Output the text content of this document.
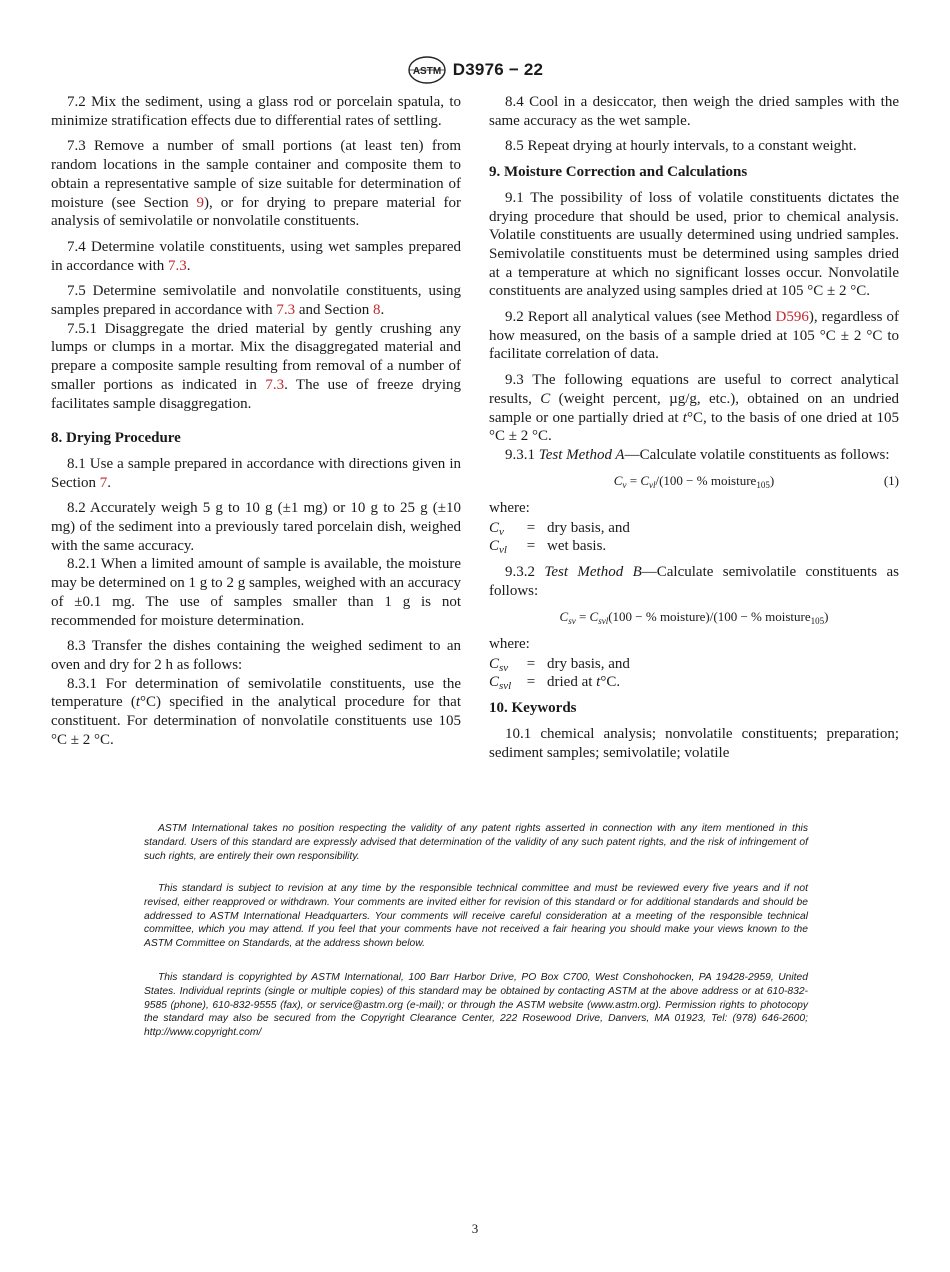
ASTM D3976 − 22

7.2 Mix the sediment, using a glass rod or porcelain spatula, to minimize stratification effects due to differential rates of settling.

7.3 Remove a number of small portions (at least ten) from random locations in the sample container and composite them to obtain a representative sample of size suitable for determination of moisture (see Section 9), or for drying to prepare material for analysis of semivolatile or nonvolatile constituents.

7.4 Determine volatile constituents, using wet samples prepared in accordance with 7.3.

7.5 Determine semivolatile and nonvolatile constituents, using samples prepared in accordance with 7.3 and Section 8.

7.5.1 Disaggregate the dried material by gently crushing any lumps or clumps in a mortar. Mix the disaggregated material and prepare a composite sample resulting from removal of a number of smaller portions as indicated in 7.3. The use of freeze drying facilitates sample disaggregation.

8. Drying Procedure

8.1 Use a sample prepared in accordance with directions given in Section 7.

8.2 Accurately weigh 5 g to 10 g (±1 mg) or 10 g to 25 g (±10 mg) of the sediment into a previously tared porcelain dish, weighed with the same accuracy.

8.2.1 When a limited amount of sample is available, the moisture may be determined on 1 g to 2 g samples, weighed with an accuracy of ±0.1 mg. The use of samples smaller than 1 g is not recommended for moisture determination.

8.3 Transfer the dishes containing the weighed sediment to an oven and dry for 2 h as follows:

8.3.1 For determination of semivolatile constituents, use the temperature (t°C) specified in the analytical procedure for that constituent. For determination of nonvolatile constituents use 105 °C ± 2 °C.

8.4 Cool in a desiccator, then weigh the dried samples with the same accuracy as the wet sample.

8.5 Repeat drying at hourly intervals, to a constant weight.

9. Moisture Correction and Calculations

9.1 The possibility of loss of volatile constituents dictates the drying procedure that should be used, prior to chemical analysis. Volatile constituents are usually determined using undried samples. Semivolatile constituents must be determined using samples dried at a temperature at which no significant losses occur. Nonvolatile constituents are analyzed using samples dried at 105 °C ± 2 °C.

9.2 Report all analytical values (see Method D596), regardless of how measured, on the basis of a sample dried at 105 °C ± 2 °C to facilitate correlation of data.

9.3 The following equations are useful to correct analytical results, C (weight percent, µg/g, etc.), obtained on an undried sample or one partially dried at t°C, to the basis of one dried at 105 °C ± 2 °C.

9.3.1 Test Method A—Calculate volatile constituents as follows:

$C_v = C_{vl}/(100$ − % moisture$_{105}$)	(1)

where:

$C_v$	= dry basis, and
$C_{vl}$	= wet basis.

9.3.2 Test Method B—Calculate semivolatile constituents as follows:

$C_{sv} = C_{svl}(100$ − % moisture)/(100 − % moisture$_{105}$)

where:

$C_{sv}$	= dry basis, and
$C_{svl}$	= dried at t°C.
10. Keywords

10.1 chemical analysis; nonvolatile constituents; preparation; sediment samples; semivolatile; volatile

ASTM International takes no position respecting the validity of any patent rights asserted in connection with any item mentioned in this standard. Users of this standard are expressly advised that determination of the validity of any such patent rights, and the risk of infringement of such rights, are entirely their own responsibility.

This standard is subject to revision at any time by the responsible technical committee and must be reviewed every five years and if not revised, either reapproved or withdrawn. Your comments are invited either for revision of this standard or for additional standards and should be addressed to ASTM International Headquarters. Your comments will receive careful consideration at a meeting of the responsible technical committee, which you may attend. If you feel that your comments have not received a fair hearing you should make your views known to the ASTM Committee on Standards, at the address shown below.

This standard is copyrighted by ASTM International, 100 Barr Harbor Drive, PO Box C700, West Conshohocken, PA 19428-2959, United States. Individual reprints (single or multiple copies) of this standard may be obtained by contacting ASTM at the above address or at 610-832-9585 (phone), 610-832-9555 (fax), or service@astm.org (e-mail); or through the ASTM website (www.astm.org). Permission rights to photocopy the standard may also be secured from the Copyright Clearance Center, 222 Rosewood Drive, Danvers, MA 01923, Tel: (978) 646-2600; http://www.copyright.com/

3
